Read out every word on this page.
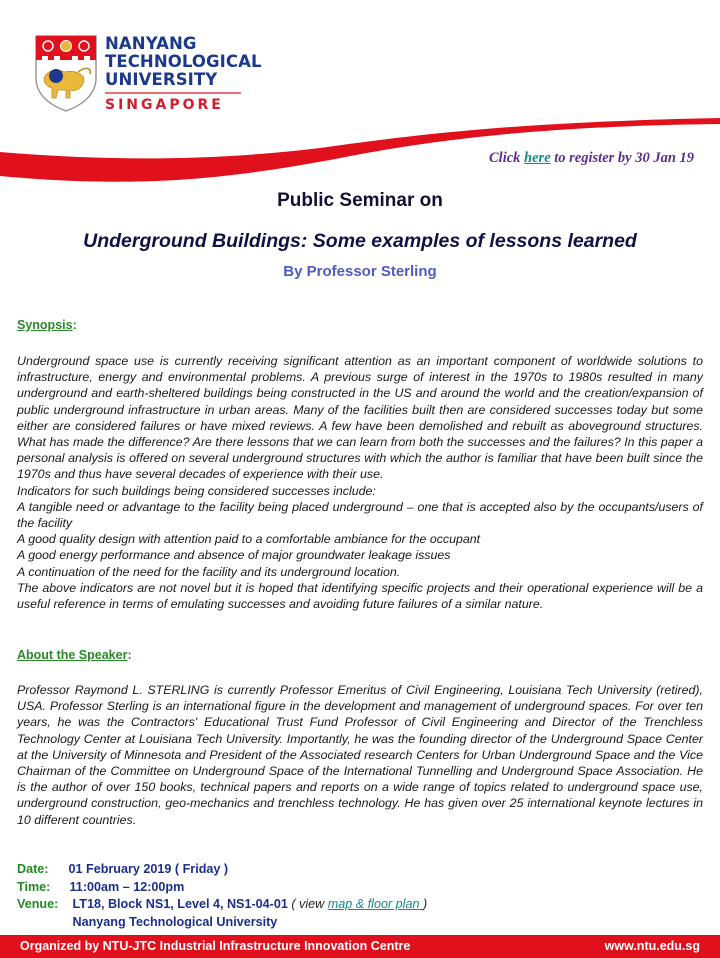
NANYANG
TECHNOLOGICAL
UNIVERSITY
SINGAPORE
Click here to register by 30 Jan 19
Public Seminar on
Underground Buildings: Some examples of lessons learned
By Professor Sterling
Synopsis:

Underground space use is currently receiving significant attention as an important component of worldwide solutions to infrastructure, energy and environmental problems. A previous surge of interest in the 1970s to 1980s resulted in many underground and earth-sheltered buildings being constructed in the US and around the world and the creation/expansion of public underground infrastructure in urban areas. Many of the facilities built then are considered successes today but some either are considered failures or have mixed reviews. A few have been demolished and rebuilt as aboveground structures. What has made the difference? Are there lessons that we can learn from both the successes and the failures? In this paper a personal analysis is offered on several underground structures with which the author is familiar that have been built since the 1970s and thus have several decades of experience with their use.

Indicators for such buildings being considered successes include:

A tangible need or advantage to the facility being placed underground – one that is accepted also by the occupants/users of the facility

A good quality design with attention paid to a comfortable ambiance for the occupant

A good energy performance and absence of major groundwater leakage issues

A continuation of the need for the facility and its underground location.

The above indicators are not novel but it is hoped that identifying specific projects and their operational experience will be a useful reference in terms of emulating successes and avoiding future failures of a similar nature.

About the Speaker:

Professor Raymond L. STERLING is currently Professor Emeritus of Civil Engineering, Louisiana Tech University (retired), USA. Professor Sterling is an international figure in the development and management of underground spaces. For over ten years, he was the Contractors' Educational Trust Fund Professor of Civil Engineering and Director of the Trenchless Technology Center at Louisiana Tech University. Importantly, he was the founding director of the Underground Space Center at the University of Minnesota and President of the Associated research Centers for Urban Underground Space and the Vice Chairman of the Committee on Underground Space of the International Tunnelling and Underground Space Association. He is the author of over 150 books, technical papers and reports on a wide range of topics related to underground space use, underground construction, geo-mechanics and trenchless technology. He has given over 25 international keynote lectures in 10 different countries.

Date: 01 February 2019 ( Friday )
Time: 11:00am – 12:00pm
Venue: LT18, Block NS1, Level 4, NS1-04-01 ( view map & floor plan )
Nanyang Technological University
Organized by NTU-JTC Industrial Infrastructure Innovation Centre	www.ntu.edu.sg
